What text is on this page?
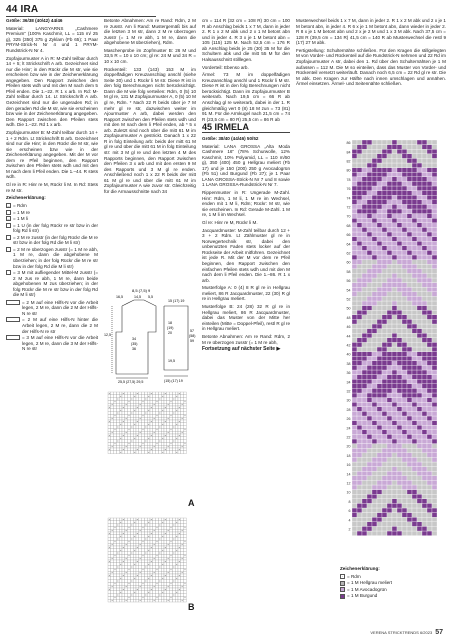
44 IRA

Größe: 36/38 (40/42) 44/46

Material: LANGYARNS „Cashmere Premium“ (100% Kaschmir, LL = 115 m/ 25 g), 325 (350) 375 g Zyklam (Fb 65); 1 Paar PRYM-Strick-N Nr 4 und 1 PRYM-Rundstrick-N Nr 4.

Zopfajourmuster A in R: M-Zahl teilbar durch 14 + 5; lt Strickschrift A arb. Gezeichnet sind nur die Hinr; in den Rückr die M str, wie sie erscheinen bzw wie in der Zeichenerklärung angegeben. Den Rapport zwischen den Pfeilen stets wdh und mit den M nach dem 5 Pfeil enden. Die 1.–22. R 1 x arb. In Rd: M-Zahl teilbar durch 14. Lt Strickschrift A arb. Gezeichnet sind nur die ungeraden Rd; in den geraden Rd die M str, wie sie erscheinen bzw wie in der Zeichenerklärung angegeben. Den Rapport zwischen den Pfeilen stets wdh. Die 1.–22. Rd 1 x arb.

Zopfajourmuster B: M-Zahl teilbar durch 14 + 1 + 2 Rdm. Lt Strickschrift B arb. Gezeichnet sind nur die Hinr; in den Rückr die M str, wie sie erscheinen bzw wie in der Zeichenerklärung angegeben. Mit der M vor dem re Pfeil beginnen, den Rapport zwischen den Pfeilen stets wdh und mit den M nach dem li Pfeil enden. Die 1.–44. R stets wdh.

Gl re in R: Hinr re M, Rückr li M. In Rd: Stets re M str.

Zeichenerklärung:

–
= Rdm
= 1 M re
–
= 1 M li
= 1 U (in der folg Rückr re str bzw in der folg Rd li str)
= 2 M re zusstr (in der folg Rückr die M re str bzw in der folg Rd die M li str)
= 2 M re überzogen zusstr (= 1 M re abh, 1 M re, dann die abgehobene M überziehen; in der folg Rückr die M re str bzw in der folg Rd die M li str)
= 3 M mit aufliegender Mittel-M zusstr (= 2 M zus re abh, 1 M re, dann beide abgehobenen M zus überziehen; in der folg Rückr die M re str bzw in der folg Rd die M li str)
= 2 M auf eine Hilfs-N vor die Arbeit legen, 2 M re, dann die 2 M der Hilfs-N re str
= 2 M auf eine Hilfs-N hinter die Arbeit legen, 2 M re, dann die 2 M der Hilfs-N re str
= 3 M auf eine Hilfs-N vor die Arbeit legen, 2 M re, dann die 3 M der Hilfs-N re str

Betonte Abnahmen: Am re Rand: Rdm, 2 M re zusstr. Am li Rand: Mustergemäß bis auf die letzten 3 M str, dann 2 M re überzogen zusstr (= 1 M re abh, 1 M re, dann die abgehobene M überziehen), Rdm.

Maschenprobe im Zopfmuster B: 26 M und 33,5 R = 10 x 10 cm; gl re: 24 M und 34 R = 10 x 10 cm.

Rückenteil: 133 (143) 153 M im doppelfädigen Kreuzanschlag anschl (siehe Seite 30) und 1 Rückr li M str. Diese R ist in den folg Berechnungen nicht berücksichtigt. Dann die M wie folg verteilen: Rdm, 0 (5) 10 M gl re, 131 M Zopfajourmuster A, 0 (5) 10 M gl re, Rdm. * Nach 22 R beids über je 7 M mehr gl re str, dazwischen weiter im Ajourmuster A arb, dabei werden den Rapport zwischen den Pfeilen stets wdh und mit den M nach dem li Pfeil enden, ab * 5 x arb. Zuletzt sind noch über die mitt 61 M im Zopfajourmuster A gestrickt. Danach 1 x 22 R in folg Einteilung arb: beids der mitt 61 M gl re und über die mitt 61 M in folg Einteilung str: mit 3 M gl re und den letzten 4 M des Rapports beginnen, den Rapport zwischen den Pfeilen 3 x arb und mit den ersten 9 M des Rapports und 3 M gl re enden. Anschließend noch 1 x 22 R beids der mitt 61 M gl re und über die mitt 61 M im Zopfajourmuster A wie zuvor str. Gleichzeitig für die Armausschnitte nach 34

8,5 (7,5) 9
16,5	14,5 5,5
15 (17) 19
34
(35)
36
57
(58)
59
12,5
18
(19)
20
19,5
25,5 (27,5) 29,5	(15) (17) 19
A
B

cm = 114 R (32 cm = 108 R) 30 cm = 100 R ab Anschlag beids 1 x 7 M, dann in jeder 2. R 1 x 2 M abk und 2 x 1 M betont abn und in jeder 4. R 3 x je 1 M betont abn = 105 (115) 125 M. Nach 52,5 cm = 176 R ab Anschlag beids je 25 (30) 35 M für die Schultern abk und die mitt 55 M für den Halsausschnitt stilllegen.

Vorderteil: Ebenso arb.

Ärmel: 73 M im doppelfädigen Kreuzanschlag anschl und 1 Rückr li M str. Diese R ist in den folg Berechnungen nicht berücksichtigt. Dann im Zopfajourmuster B weiterarb. Nach 19,5 cm = 66 R ab Anschlag gl re weiterarb, dabei in der 1. R gleichmäßig vert 0 (8) 18 M zun = 73 (81) 91 M. Für die Armkugel nach 21,5 cm = 74 R (23,5 cm = 80 R) 25,5 cm = 86 R ab

45 IRMELA

Größe: 38/40 (44/46) 50/52

Material: LANA GROSSA „Alta Moda Cashmere 16“ (78% Schurwolle, 12% Kaschmir, 10% Polyamid, LL = 110 m/50 g), 350 (400) 450 g Hellgrau meliert (Fb 17) und je 150 (200) 250 g Avocadogrün (Fb 51) und Burgund (Fb 27); je 1 Paar LANA GROSSA-Strick-N Nr 7 und 8 sowie 1 LANA GROSSA-Rundstrick-N Nr 7.

Rippenmuster in R: Ungerade M-Zahl. Hinr: Rdm, 1 M li, 1 M re im Wechsel, enden mit 1 M li, Rdm; Rückr: M str, wie sie erscheinen. In Rd: Gerade M-Zahl. 1 M re, 1 M li im Wechsel.

Gl re: Hinr re M, Rückr li M.

Jacquardmuster: M-Zahl teilbar durch 12 + 3 + 2 Rdm. Lt Zählmuster gl re in Norwegertechnik str, dabei den unbenutzten Faden stets locker auf der Rückseite der Arbeit mitführen. Gezeichnet ist jede R. Mit der M vor dem re Pfeil beginnen, den Rapport zwischen den einfachen Pfeilen stets wdh und mit den M nach dem li Pfeil enden. Die 1.–86. R 1 x arb.

Musterfolge A: 0 (4) 8 R gl re in Hellgrau meliert, 86 R Jacquardmuster, 22 (30) R gl re in Hellgrau meliert.

Musterfolge B: 24 (28) 32 R gl re in Hellgrau meliert, 86 R Jacquardmuster, dabei das Muster von der Mitte her einteilen (Mitte = Doppel-Pfeil), restl R gl re in Hellgrau meliert.

Betonte Abnahmen: Am re Rand: Rdm, 2 M re überzogen zusstr (= 1 M re abh,

Fortsetzung auf nächster Seite ▶

Musterwechsel beids 1 x 7 M, dann in jeder 2. R 1 x 2 M abk und 2 x je 1 M betont abn, in jeder 4. R 6 x je 1 M betont abn, dann wieder in jeder 2. R 8 x je 1 M betont abn und 2 x je 2 M und 1 x 3 M abk. Nach 37,5 cm = 128 R (39,5 cm = 134 R) 41,5 cm = 140 R ab Musterwechsel die restl 9 (17) 27 M abk.

Fertigstellung: Schulternähte schließen. Für den Kragen die stillgelegten M von Vorder- und Rückenteil auf die Rundstrick-N nehmen und 22 Rd im Zopfajourmuster A str, dabei den 1. Rd über den Schulternähten je 1 M aufassen = 112 M. Die M so einteilen, dass das Muster von Vorder- und Rückenteil versetzt weiterläuft. Danach noch 6,5 cm = 22 Rd gl re str. Die M abk. Den Kragen zur Hälfte nach innen umschlagen und annähen. Ärmel einsetzen. Ärmel- und Seitennähte schließen.

86
84
82
80
78
76
74
72
70
68
66
64
62
60
58
56
54
52
50
48
46
44
42
40
38
36
34
32
30
28
26
24
22
20
18
16
14
12
10
8
6
4
2

Zeichenerklärung:

·
= Rdm
= 1 M Hellgrau meliert
= 1 M Avocadogrün
= 1 M Burgund
VERENA STRICKTRENDS 6/2023 57
